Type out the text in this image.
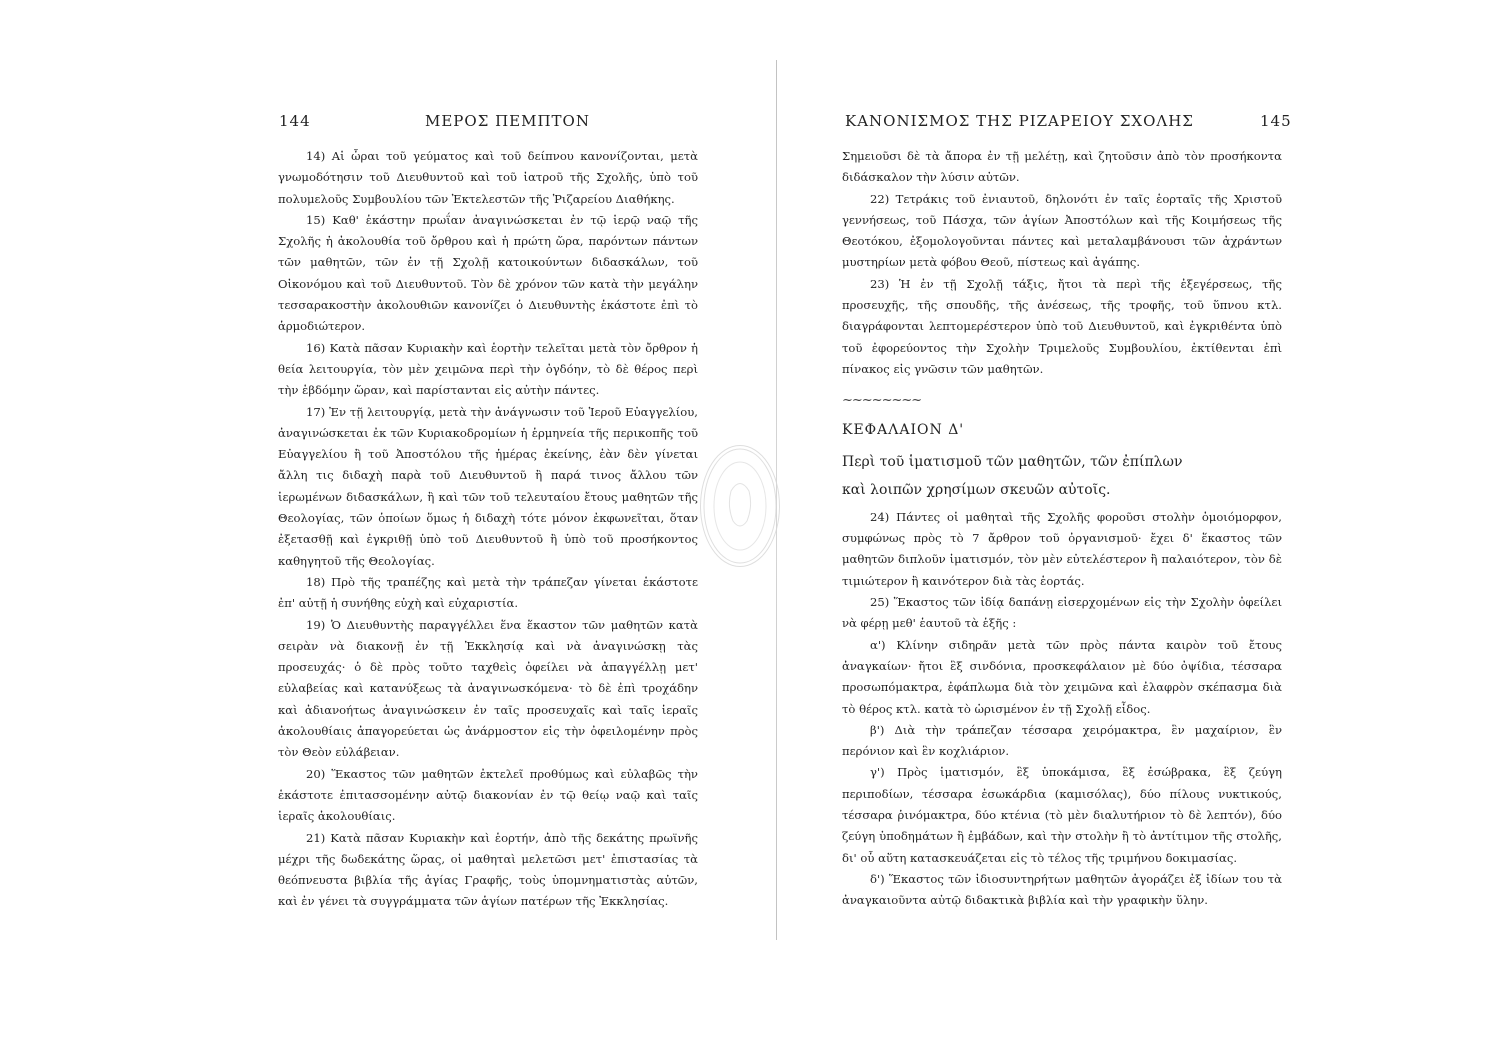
144	ΜΕΡΟΣ ΠΕΜΠΤΟΝ

14) Αἱ ὧραι τοῦ γεύματος καὶ τοῦ δείπνου κανονίζονται, μετὰ γνωμοδότησιν τοῦ Διευθυντοῦ καὶ τοῦ ἰατροῦ τῆς Σχολῆς, ὑπὸ τοῦ πολυμελοῦς Συμβουλίου τῶν Ἐκτελεστῶν τῆς Ῥιζαρείου Διαθήκης.

15) Καθ' ἑκάστην πρωΐαν ἀναγινώσκεται ἐν τῷ ἱερῷ ναῷ τῆς Σχολῆς ἡ ἀκολουθία τοῦ ὄρθρου καὶ ἡ πρώτη ὥρα, παρόντων πάντων τῶν μαθητῶν, τῶν ἐν τῇ Σχολῇ κατοικούντων διδασκάλων, τοῦ Οἰκονόμου καὶ τοῦ Διευθυντοῦ. Τὸν δὲ χρόνον τῶν κατὰ τὴν μεγάλην τεσσαρακοστὴν ἀκολουθιῶν κανονίζει ὁ Διευθυντὴς ἑκάστοτε ἐπὶ τὸ ἁρμοδιώτερον.

16) Κατὰ πᾶσαν Κυριακὴν καὶ ἑορτὴν τελεῖται μετὰ τὸν ὄρθρον ἡ θεία λειτουργία, τὸν μὲν χειμῶνα περὶ τὴν ὀγδόην, τὸ δὲ θέρος περὶ τὴν ἑβδόμην ὥραν, καὶ παρίστανται εἰς αὐτὴν πάντες.

17) Ἐν τῇ λειτουργίᾳ, μετὰ τὴν ἀνάγνωσιν τοῦ Ἱεροῦ Εὐαγγελίου, ἀναγινώσκεται ἐκ τῶν Κυριακοδρομίων ἡ ἑρμηνεία τῆς περικοπῆς τοῦ Εὐαγγελίου ἢ τοῦ Ἀποστόλου τῆς ἡμέρας ἐκείνης, ἐὰν δὲν γίνεται ἄλλη τις διδαχὴ παρὰ τοῦ Διευθυντοῦ ἢ παρά τινος ἄλλου τῶν ἱερωμένων διδασκάλων, ἢ καὶ τῶν τοῦ τελευταίου ἔτους μαθητῶν τῆς Θεολογίας, τῶν ὁποίων ὅμως ἡ διδαχὴ τότε μόνον ἐκφωνεῖται, ὅταν ἐξετασθῇ καὶ ἐγκριθῇ ὑπὸ τοῦ Διευθυντοῦ ἢ ὑπὸ τοῦ προσήκοντος καθηγητοῦ τῆς Θεολογίας.

18) Πρὸ τῆς τραπέζης καὶ μετὰ τὴν τράπεζαν γίνεται ἑκάστοτε ἐπ' αὐτῇ ἡ συνήθης εὐχὴ καὶ εὐχαριστία.

19) Ὁ Διευθυντὴς παραγγέλλει ἕνα ἕκαστον τῶν μαθητῶν κατὰ σειρὰν νὰ διακονῇ ἐν τῇ Ἐκκλησίᾳ καὶ νὰ ἀναγινώσκῃ τὰς προσευχάς· ὁ δὲ πρὸς τοῦτο ταχθεὶς ὀφείλει νὰ ἀπαγγέλλῃ μετ' εὐλαβείας καὶ κατανύξεως τὰ ἀναγινωσκόμενα· τὸ δὲ ἐπὶ τροχάδην καὶ ἀδιανοήτως ἀναγινώσκειν ἐν ταῖς προσευχαῖς καὶ ταῖς ἱεραῖς ἀκολουθίαις ἀπαγορεύεται ὡς ἀνάρμοστον εἰς τὴν ὀφειλομένην πρὸς τὸν Θεὸν εὐλάβειαν.

20) Ἕκαστος τῶν μαθητῶν ἐκτελεῖ προθύμως καὶ εὐλαβῶς τὴν ἑκάστοτε ἐπιτασσομένην αὐτῷ διακονίαν ἐν τῷ θείῳ ναῷ καὶ ταῖς ἱεραῖς ἀκολουθίαις.

21) Κατὰ πᾶσαν Κυριακὴν καὶ ἑορτήν, ἀπὸ τῆς δεκάτης πρωϊνῆς μέχρι τῆς δωδεκάτης ὥρας, οἱ μαθηταὶ μελετῶσι μετ' ἐπιστασίας τὰ θεόπνευστα βιβλία τῆς ἁγίας Γραφῆς, τοὺς ὑπομνηματιστὰς αὐτῶν, καὶ ἐν γένει τὰ συγγράμματα τῶν ἁγίων πατέρων τῆς Ἐκκλησίας.

ΚΑΝΟΝΙΣΜΟΣ ΤΗΣ ΡΙΖΑΡΕΙΟΥ ΣΧΟΛΗΣ	145

Σημειοῦσι δὲ τὰ ἄπορα ἐν τῇ μελέτῃ, καὶ ζητοῦσιν ἀπὸ τὸν προσήκοντα διδάσκαλον τὴν λύσιν αὐτῶν.

22) Τετράκις τοῦ ἐνιαυτοῦ, δηλονότι ἐν ταῖς ἑορταῖς τῆς Χριστοῦ γεννήσεως, τοῦ Πάσχα, τῶν ἁγίων Ἀποστόλων καὶ τῆς Κοιμήσεως τῆς Θεοτόκου, ἐξομολογοῦνται πάντες καὶ μεταλαμβάνουσι τῶν ἀχράντων μυστηρίων μετὰ φόβου Θεοῦ, πίστεως καὶ ἀγάπης.

23) Ἡ ἐν τῇ Σχολῇ τάξις, ἤτοι τὰ περὶ τῆς ἐξεγέρσεως, τῆς προσευχῆς, τῆς σπουδῆς, τῆς ἀνέσεως, τῆς τροφῆς, τοῦ ὕπνου κτλ. διαγράφονται λεπτομερέστερον ὑπὸ τοῦ Διευθυντοῦ, καὶ ἐγκριθέντα ὑπὸ τοῦ ἐφορεύοντος τὴν Σχολὴν Τριμελοῦς Συμβουλίου, ἐκτίθενται ἐπὶ πίνακος εἰς γνῶσιν τῶν μαθητῶν.

~~~~~~~~
ΚΕΦΑΛΑΙΟΝ Δ'
Περὶ τοῦ ἱματισμοῦ τῶν μαθητῶν, τῶν ἐπίπλων
καὶ λοιπῶν χρησίμων σκευῶν αὐτοῖς.

24) Πάντες οἱ μαθηταὶ τῆς Σχολῆς φοροῦσι στολὴν ὁμοιόμορφον, συμφώνως πρὸς τὸ 7 ἄρθρον τοῦ ὀργανισμοῦ· ἔχει δ' ἕκαστος τῶν μαθητῶν διπλοῦν ἱματισμόν, τὸν μὲν εὐτελέστερον ἢ παλαιότερον, τὸν δὲ τιμιώτερον ἢ καινότερον διὰ τὰς ἑορτάς.

25) Ἕκαστος τῶν ἰδίᾳ δαπάνῃ εἰσερχομένων εἰς τὴν Σχολὴν ὀφείλει νὰ φέρῃ μεθ' ἑαυτοῦ τὰ ἑξῆς :

α') Κλίνην σιδηρᾶν μετὰ τῶν πρὸς πάντα καιρὸν τοῦ ἔτους ἀναγκαίων· ἤτοι ἓξ σινδόνια, προσκεφάλαιον μὲ δύο ὀψίδια, τέσσαρα προσωπόμακτρα, ἐφάπλωμα διὰ τὸν χειμῶνα καὶ ἐλαφρὸν σκέπασμα διὰ τὸ θέρος κτλ. κατὰ τὸ ὡρισμένον ἐν τῇ Σχολῇ εἶδος.

β') Διὰ τὴν τράπεζαν τέσσαρα χειρόμακτρα, ἓν μαχαίριον, ἓν περόνιον καὶ ἓν κοχλιάριον.

γ') Πρὸς ἱματισμόν, ἓξ ὑποκάμισα, ἓξ ἐσώβρακα, ἓξ ζεύγη περιποδίων, τέσσαρα ἐσωκάρδια (καμισόλας), δύο πίλους νυκτικούς, τέσσαρα ῥινόμακτρα, δύο κτένια (τὸ μὲν διαλυτήριον τὸ δὲ λεπτόν), δύο ζεύγη ὑποδημάτων ἢ ἐμβάδων, καὶ τὴν στολὴν ἢ τὸ ἀντίτιμον τῆς στολῆς, δι' οὗ αὕτη κατασκευάζεται εἰς τὸ τέλος τῆς τριμήνου δοκιμασίας.

δ') Ἕκαστος τῶν ἰδιοσυντηρήτων μαθητῶν ἀγοράζει ἐξ ἰδίων του τὰ ἀναγκαιοῦντα αὐτῷ διδακτικὰ βιβλία καὶ τὴν γραφικὴν ὕλην.
